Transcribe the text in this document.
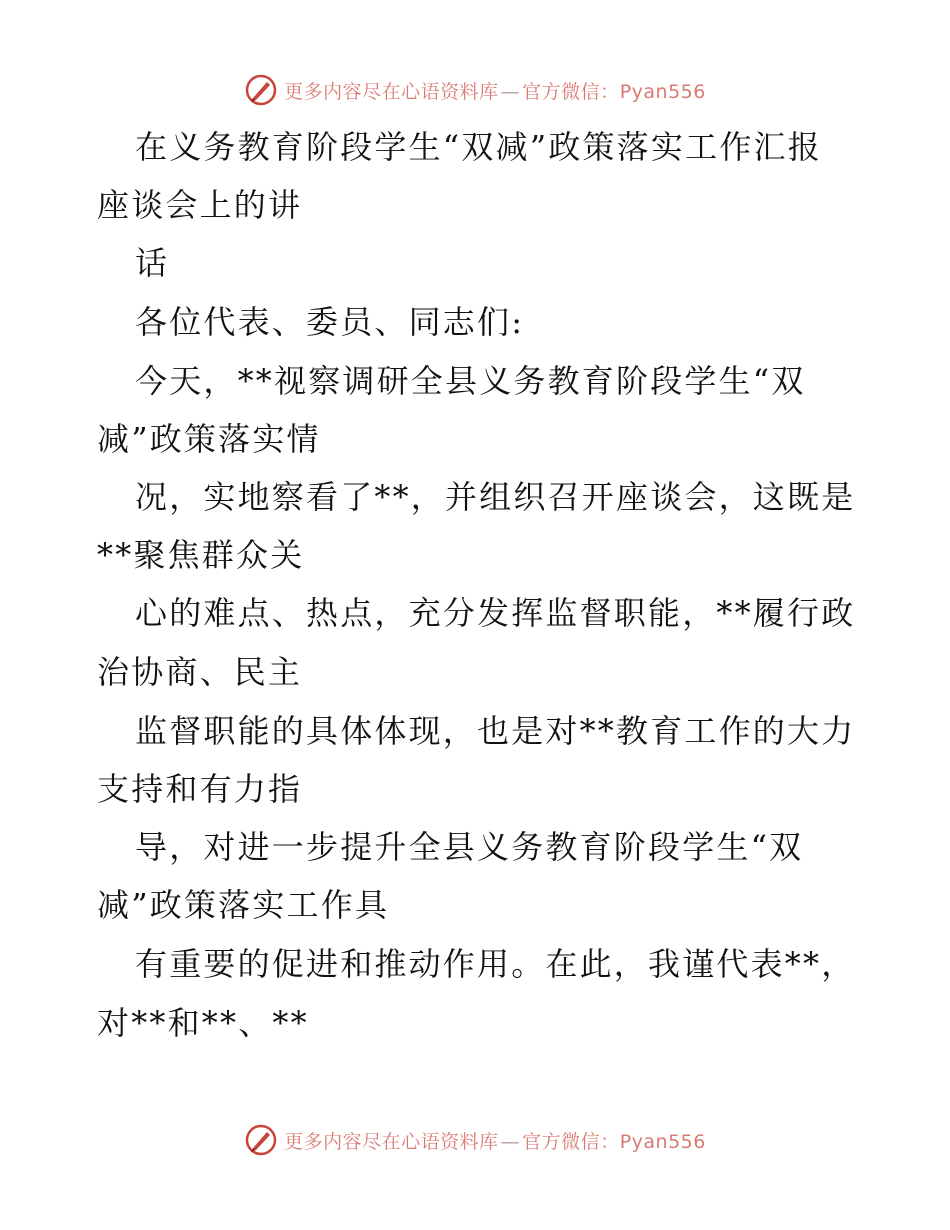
更多内容尽在心语资料库 — 官方微信：Pyan556
在义务教育阶段学生“双减”政策落实工作汇报
座谈会上的讲
话
各位代表、委员、同志们:
今天，**视察调研全县义务教育阶段学生“双
减”政策落实情
况，实地察看了**，并组织召开座谈会，这既是
**聚焦群众关
心的难点、热点，充分发挥监督职能，**履行政
治协商、民主
监督职能的具体体现，也是对**教育工作的大力
支持和有力指
导，对进一步提升全县义务教育阶段学生“双
减”政策落实工作具
有重要的促进和推动作用。在此，我谨代表**，
对**和**、**
更多内容尽在心语资料库 — 官方微信：Pyan556
